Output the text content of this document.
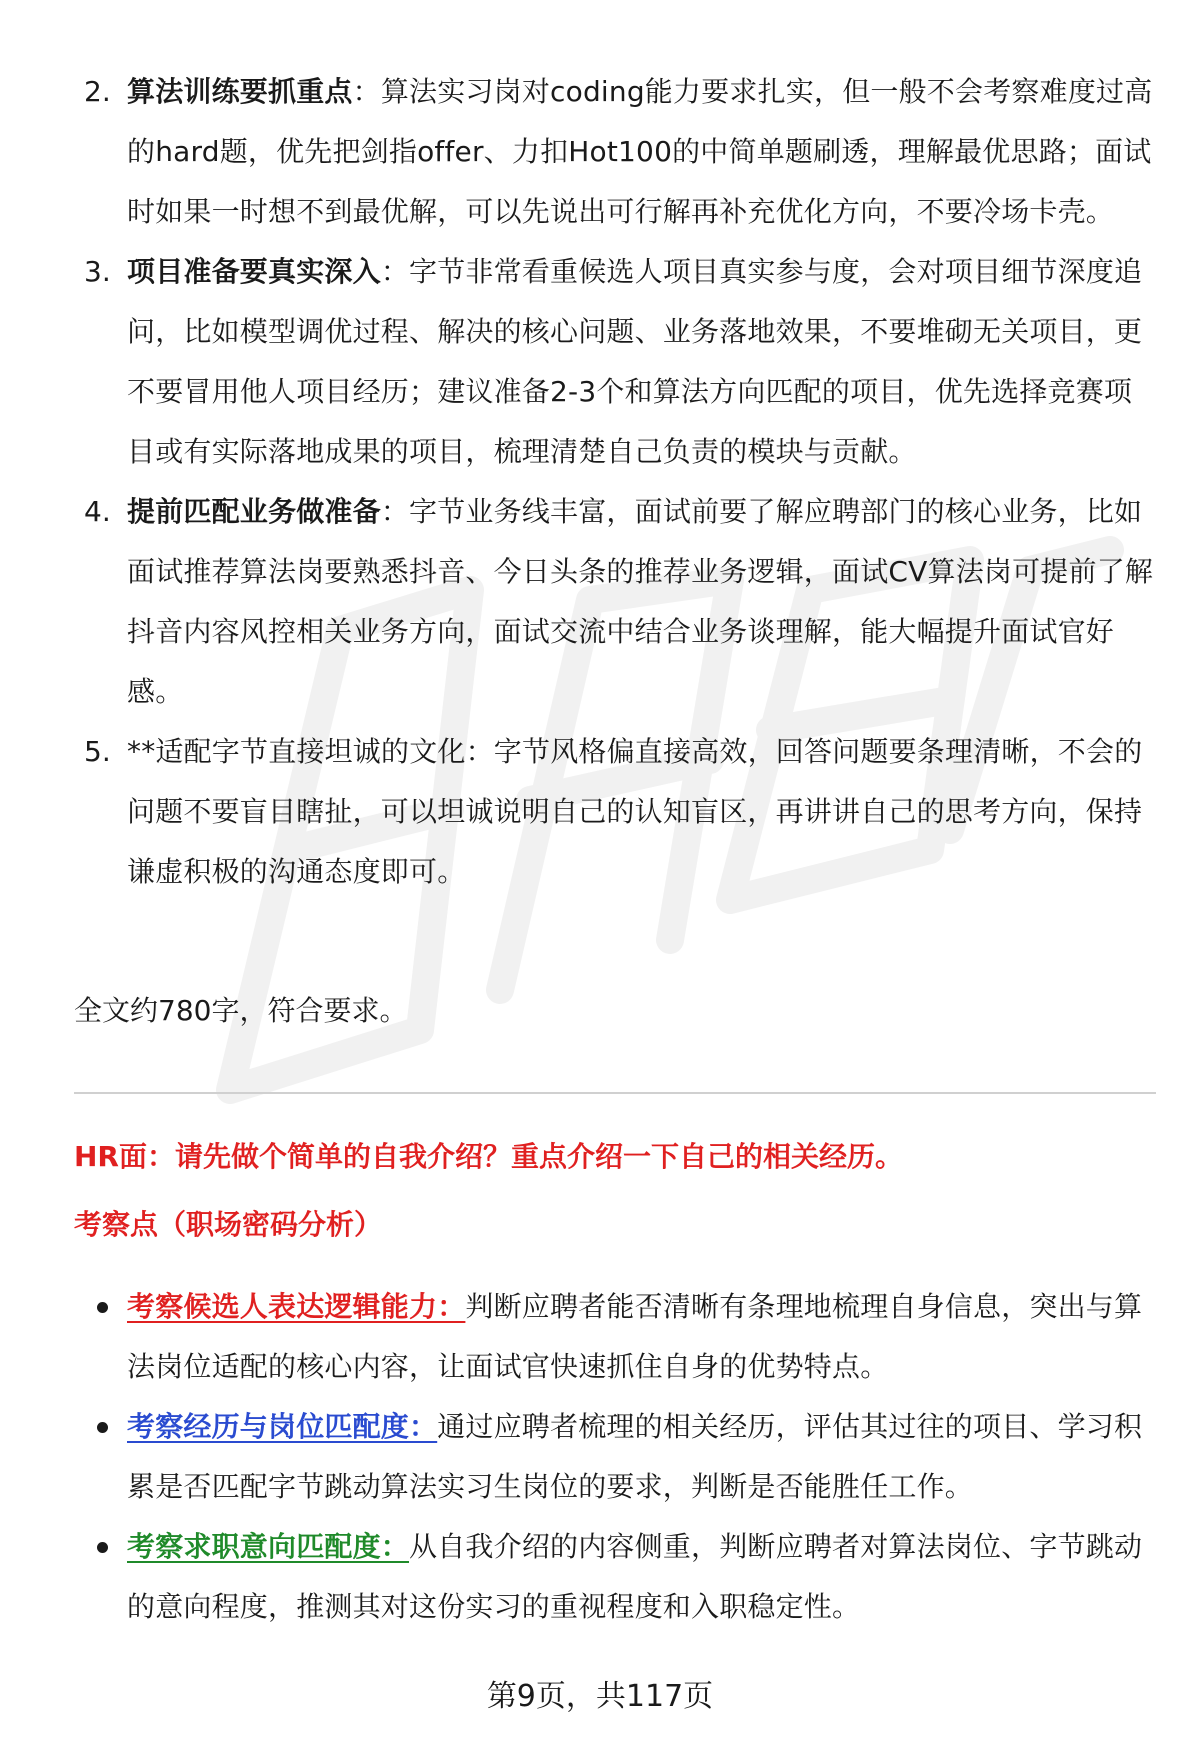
2. 算法训练要抓重点：算法实习岗对coding能力要求扎实，但一般不会考察难度过高的hard题，优先把剑指offer、力扣Hot100的中简单题刷透，理解最优思路；面试时如果一时想不到最优解，可以先说出可行解再补充优化方向，不要冷场卡壳。
3. 项目准备要真实深入：字节非常看重候选人项目真实参与度，会对项目细节深度追问，比如模型调优过程、解决的核心问题、业务落地效果，不要堆砌无关项目，更不要冒用他人项目经历；建议准备2-3个和算法方向匹配的项目，优先选择竞赛项目或有实际落地成果的项目，梳理清楚自己负责的模块与贡献。
4. 提前匹配业务做准备：字节业务线丰富，面试前要了解应聘部门的核心业务，比如面试推荐算法岗要熟悉抖音、今日头条的推荐业务逻辑，面试CV算法岗可提前了解抖音内容风控相关业务方向，面试交流中结合业务谈理解，能大幅提升面试官好感。
5. **适配字节直接坦诚的文化：字节风格偏直接高效，回答问题要条理清晰，不会的问题不要盲目瞎扯，可以坦诚说明自己的认知盲区，再讲讲自己的思考方向，保持谦虚积极的沟通态度即可。

全文约780字，符合要求。

HR面：请先做个简单的自我介绍？重点介绍一下自己的相关经历。

考察点（职场密码分析）

考察候选人表达逻辑能力：判断应聘者能否清晰有条理地梳理自身信息，突出与算法岗位适配的核心内容，让面试官快速抓住自身的优势特点。
考察经历与岗位匹配度：通过应聘者梳理的相关经历，评估其过往的项目、学习积累是否匹配字节跳动算法实习生岗位的要求，判断是否能胜任工作。
考察求职意向匹配度：从自我介绍的内容侧重，判断应聘者对算法岗位、字节跳动的意向程度，推测其对这份实习的重视程度和入职稳定性。

第9页，共117页
